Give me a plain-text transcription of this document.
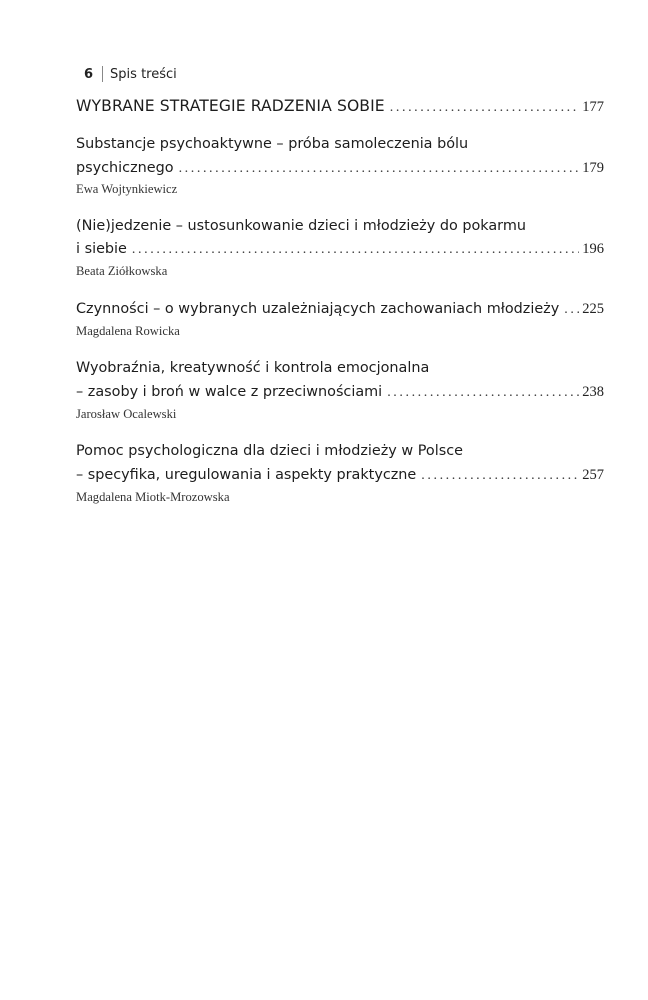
6 Spis treści
WYBRANE STRATEGIE RADZENIA SOBIE .....	177
Substancje psychoaktywne – próba samoleczenia bólu
psychicznego .....	179
Ewa Wojtynkiewicz
(Nie)jedzenie – ustosunkowanie dzieci i młodzieży do pokarmu
i siebie .....	196
Beata Ziółkowska
Czynności – o wybranych uzależniających zachowaniach młodzieży ..... 225
Magdalena Rowicka
Wyobraźnia, kreatywność i kontrola emocjonalna
– zasoby i broń w walce z przeciwnościami .....	238
Jarosław Ocalewski
Pomoc psychologiczna dla dzieci i młodzieży w Polsce
– specyfika, uregulowania i aspekty praktyczne .....	257
Magdalena Miotk-Mrozowska
